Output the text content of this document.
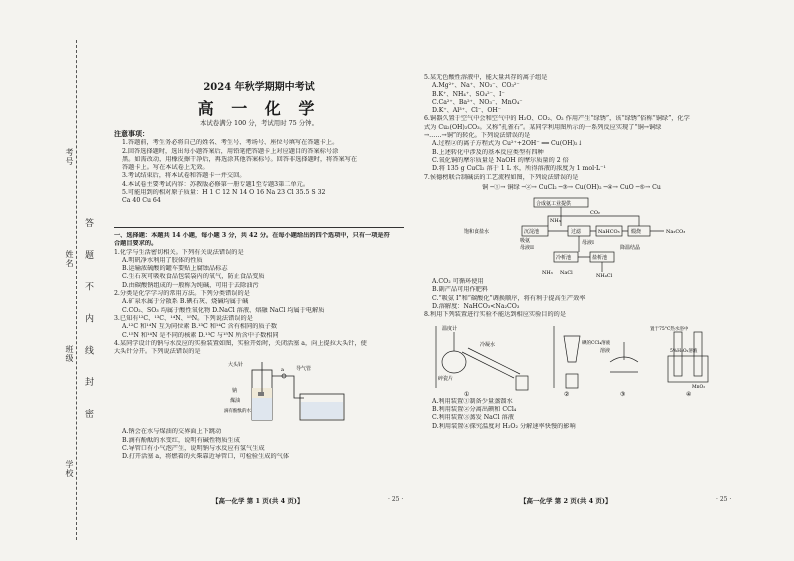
考号
姓名
班级
学校
答 题 不 内 线 封 密
2024 年秋学期期中考试
高 一 化 学
本试卷满分 100 分，考试用时 75 分钟。
注意事项：
1.答题前，考生务必将自己的姓名、考生号、考场号、座位号填写在答题卡上。
2.回答选择题时，选出每小题答案后，用铅笔把答题卡上对应题目的答案标号涂
黑。如需改动，用橡皮擦干净后，再选涂其他答案标号。回答非选择题时，将答案写在
答题卡上。写在本试卷上无效。
3.考试结束后，将本试卷和答题卡一并交回。
4.本试卷主要考试内容：苏教版必修第一册专题1至专题3第二单元。
5.可能用到的相对原子质量：H 1 C 12 N 14 O 16 Na 23 Cl 35.5 S 32
Ca 40 Cu 64
一、选择题：本题共 14 小题，每小题 3 分，共 42 分。在每小题给出的四个选项中，只有一项是符
合题目要求的。
1.化学与生活密切相关。下列有关说法错误的是
A.明矾净水利用了胶体的性质
B.运输浓硫酸的罐车要贴上腐蚀品标志
C.生石灰可吸收食品包装袋内的氧气，防止食品变质
D.由碳酸钠组成的一般称为纯碱，可用于去除油污
2.分类是化学学习的常用方法。下列分类错误的是
A.矿泉水属于分散系 B.碘石灰、烧碱均属于碱
C.CO₂、SO₃ 均属于酸性氧化物 D.NaCl 溶液、熔融 NaCl 均属于电解质
3.已知有¹²C、¹³C、¹⁴N、¹⁵N。下列说法错误的是
A.¹²C 和¹⁴N 互为同位素 B.¹³C 和¹⁴C 含有相同的质子数
C.¹⁵N 和¹⁴N 是不同的核素 D.¹³C 与¹⁵N 所含中子数相同
4.某同学设计的钠与水反应的实验装置如图，实验开始时，关闭活塞 a，向上提拉大头针，使
大头针分开。下列说法错误的是
大头针
导气管
钠
煤油
滴有酚酞的水
a
A.钠会在水与煤油的交界面上下跳动
B.滴有酚酞的水变红，说明有碱性物质生成
C.导管口有小气泡产生，说明钠与水反应有氢气生成
D.打开活塞 a，将燃着的火柴靠近导管口，可检验生成的气体
5.某无色酸性溶液中，能大量共存的离子组是
A.Mg²⁺、Na⁺、NO₃⁻、CO₃²⁻
B.K⁺、NH₄⁺、SO₄²⁻、I⁻
C.Ca²⁺、Ba²⁺、NO₃⁻、MnO₄⁻
D.K⁺、Al³⁺、Cl⁻、OH⁻
6.铜器久置于空气中会和空气中的 H₂O、CO₂、O₂ 作用产生“绿锈”，该“绿锈”俗称“铜绿”，化学
式为 Cu₂(OH)₂CO₃。又称“孔雀石”。某同学利用图所示的一系列反应实现了“铜→铜绿
→……→铜”的转化。下列说法错误的是
A.过程②的离子方程式为 Cu²⁺+2OH⁻ ══ Cu(OH)₂↓
B.上述转化中涉及的基本反应类型有四种
C.氧化铜的摩尔质量是 NaOH 的摩尔质量的 2 倍
D.将 135 g CuCl₂ 溶于 1 L 水，所得溶液的浓度为 1 mol·L⁻¹
7.侯德榜联合制碱法的工艺流程如图，下列说法错误的是
铜 ─①→ 铜绿 ─②→ CuCl₂ ─③→ Cu(OH)₂ ─④→ CuO ─⑤→ Cu
合成氨工业提供
NH₃
CO₂
饱和食盐水	沉淀池	过滤	NaHCO₃ 煅烧	Na₂CO₃
母液I
母液II
吸氨
降温结晶
冷析池	盐析池
NaCl	NH₄Cl
NH₃
A.CO₂ 可循环使用
B.副产品可用作肥料
C.“吸氨 I”和“碳酸化”调换顺序，将有利于提高生产效率
D.溶解度：NaHCO₃<Na₂CO₃
8.利用下列装置进行实验不能达到相应实验目的的是
温度计
冷凝水
碎瓷片
碘的CCl₄溶液
①	②	③	④
溶液
置于75°C热水浴中
5%H₂O₂溶液
MnO₂
A.利用装置①制备少量蒸馏水
B.利用装置②分离出碘和 CCl₄
C.利用装置③蒸发 NaCl 溶液
D.利用装置④探究温度对 H₂O₂ 分解速率快慢的影响
【高一化学 第 1 页(共 4 页)】	【高一化学 第 2 页(共 4 页)】
· 25 ·	· 25 ·
